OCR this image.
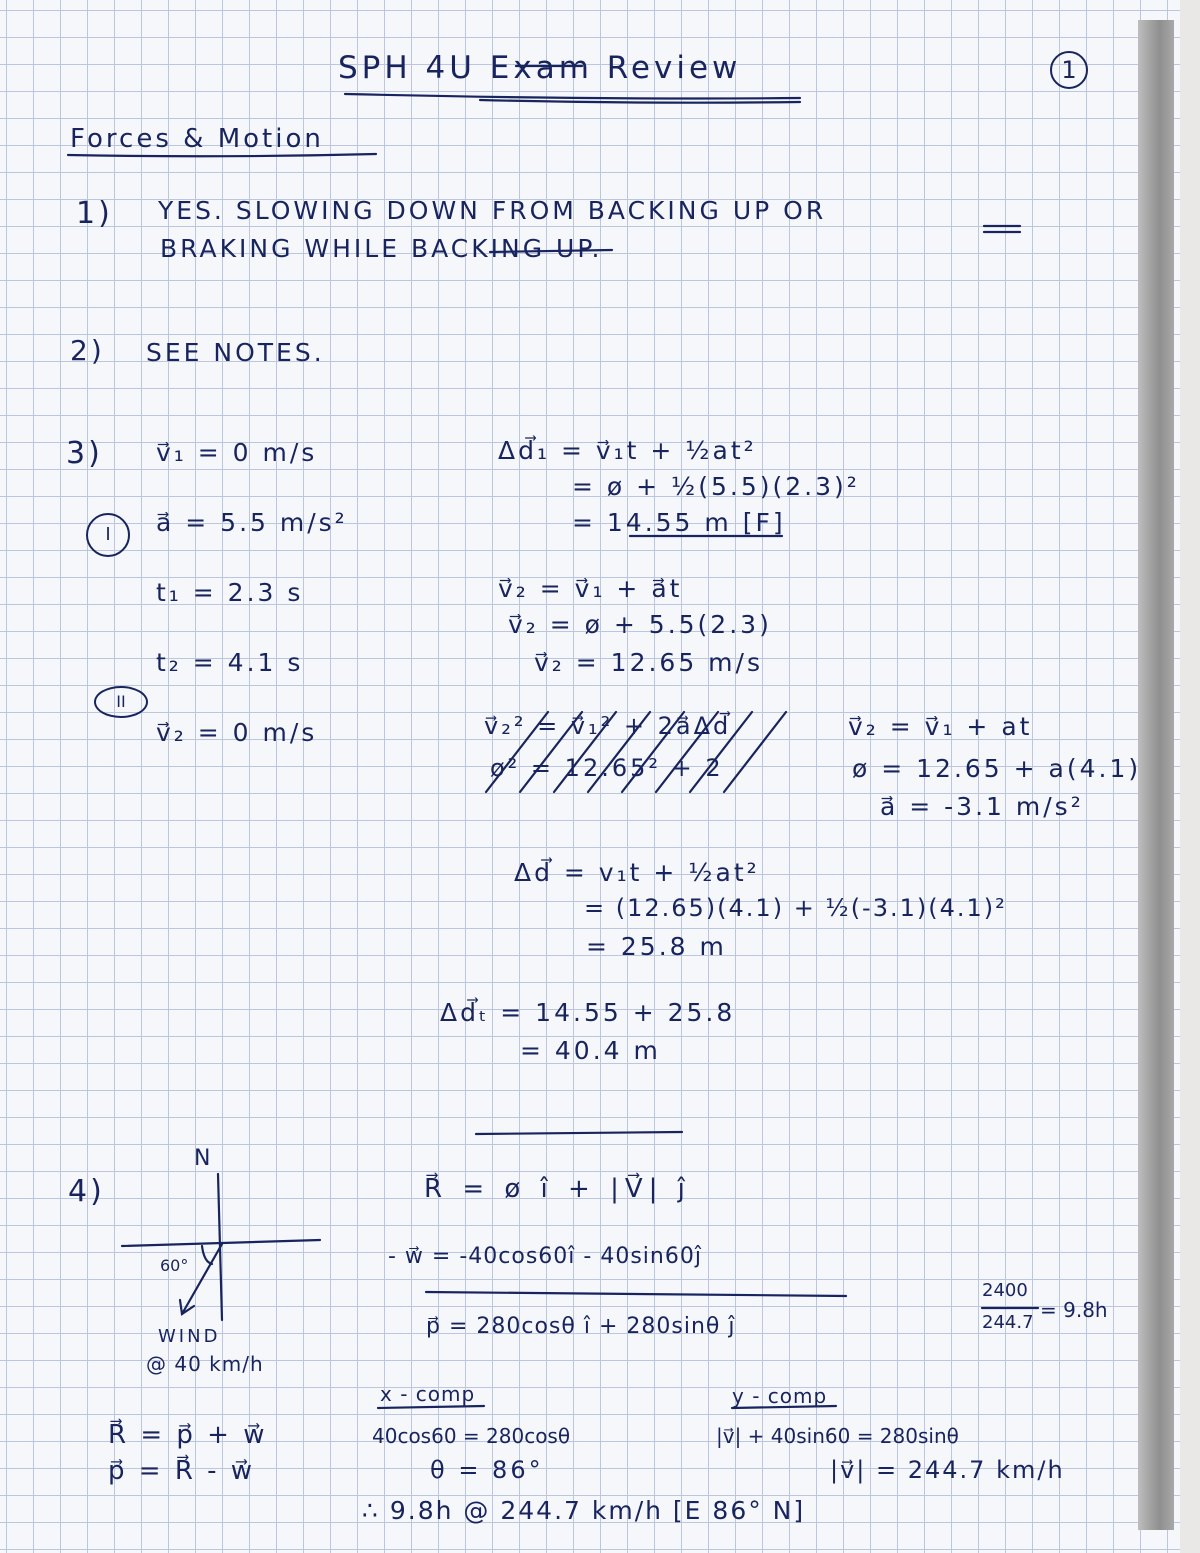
SPH 4U Exam Review	1
Forces & Motion
1) YES. SLOWING DOWN FROM BACKING UP OR
BRAKING WHILE BACKING UP.
2) SEE NOTES.
3)
I
II
v⃗₁ = 0 m/s
a⃗ = 5.5 m/s²
t₁ = 2.3 s
t₂ = 4.1 s
v⃗₂ = 0 m/s
Δd⃗₁ = v⃗₁t + ½at²
= ø + ½(5.5)(2.3)²
= 14.55 m [F]
v⃗₂ = v⃗₁ + a⃗t
v⃗₂ = ø + 5.5(2.3)
v⃗₂ = 12.65 m/s
v⃗₂² = v⃗₁² + 2a⃗Δd⃗
ø² = 12.65² + 2
v⃗₂ = v⃗₁ + at
ø = 12.65 + a(4.1)
a⃗ = -3.1 m/s²
Δd⃗ = v₁t + ½at²
= (12.65)(4.1) + ½(-3.1)(4.1)²
= 25.8 m
Δd⃗ₜ = 14.55 + 25.8
= 40.4 m
4)
N
60°
WIND
@ 40 km/h
R⃗ = p⃗ + w⃗
p⃗ = R⃗ - w⃗
R⃗ = ø î + |V⃗| ĵ
- w⃗ = -40cos60î - 40sin60ĵ
p⃗ = 280cosθ î + 280sinθ ĵ
2400
244.7
= 9.8h
x - comp
40cos60 = 280cosθ
θ = 86°
y - comp
|v⃗| + 40sin60 = 280sinθ
|v⃗| = 244.7 km/h
∴ 9.8h @ 244.7 km/h [E 86° N]
